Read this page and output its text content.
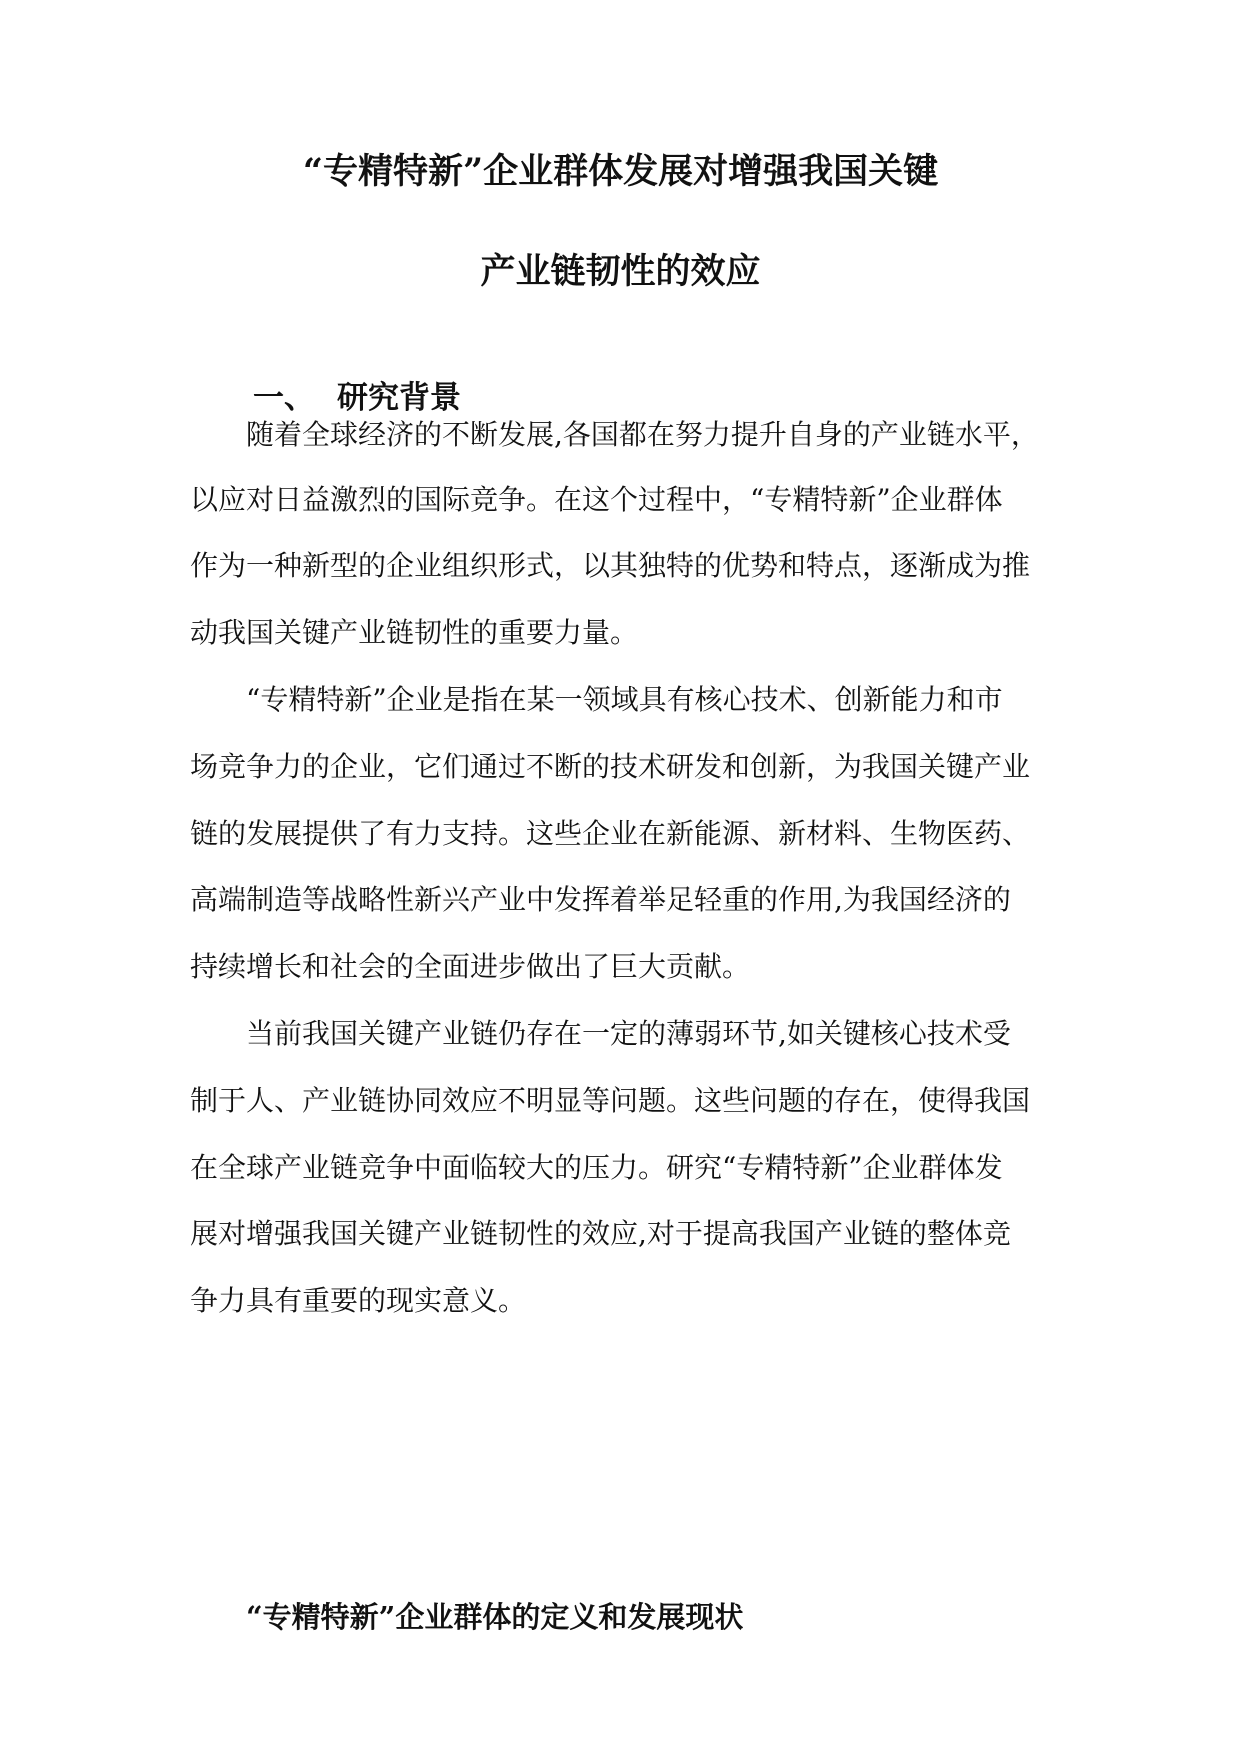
“专精特新”企业群体发展对增强我国关键
产业链韧性的效应
一、 研究背景
随着全球经济的不断发展,各国都在努力提升自身的产业链水平，
以应对日益激烈的国际竞争。在这个过程中，“专精特新”企业群体
作为一种新型的企业组织形式，以其独特的优势和特点，逐渐成为推
动我国关键产业链韧性的重要力量。
“专精特新”企业是指在某一领域具有核心技术、创新能力和市
场竞争力的企业，它们通过不断的技术研发和创新，为我国关键产业
链的发展提供了有力支持。这些企业在新能源、新材料、生物医药、
高端制造等战略性新兴产业中发挥着举足轻重的作用,为我国经济的
持续增长和社会的全面进步做出了巨大贡献。
当前我国关键产业链仍存在一定的薄弱环节,如关键核心技术受
制于人、产业链协同效应不明显等问题。这些问题的存在，使得我国
在全球产业链竞争中面临较大的压力。研究“专精特新”企业群体发
展对增强我国关键产业链韧性的效应,对于提高我国产业链的整体竞
争力具有重要的现实意义。
“专精特新”企业群体的定义和发展现状
